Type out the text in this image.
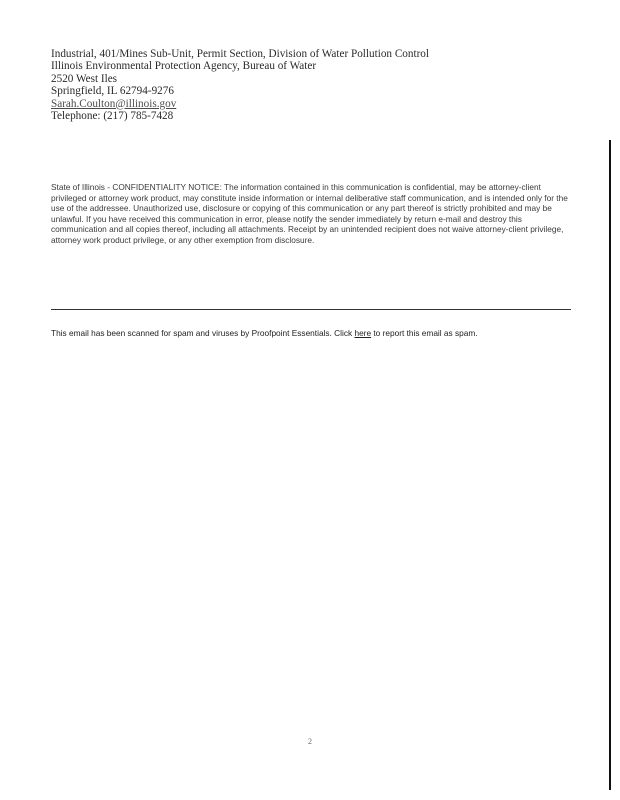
Industrial, 401/Mines Sub-Unit, Permit Section, Division of Water Pollution Control
Illinois Environmental Protection Agency, Bureau of Water
2520 West Iles
Springfield, IL 62794-9276
Sarah.Coulton@illinois.gov
Telephone: (217) 785-7428
State of Illinois - CONFIDENTIALITY NOTICE: The information contained in this communication is confidential, may be attorney-client privileged or attorney work product, may constitute inside information or internal deliberative staff communication, and is intended only for the use of the addressee. Unauthorized use, disclosure or copying of this communication or any part thereof is strictly prohibited and may be unlawful. If you have received this communication in error, please notify the sender immediately by return e-mail and destroy this communication and all copies thereof, including all attachments. Receipt by an unintended recipient does not waive attorney-client privilege, attorney work product privilege, or any other exemption from disclosure.
This email has been scanned for spam and viruses by Proofpoint Essentials. Click here to report this email as spam.
2
